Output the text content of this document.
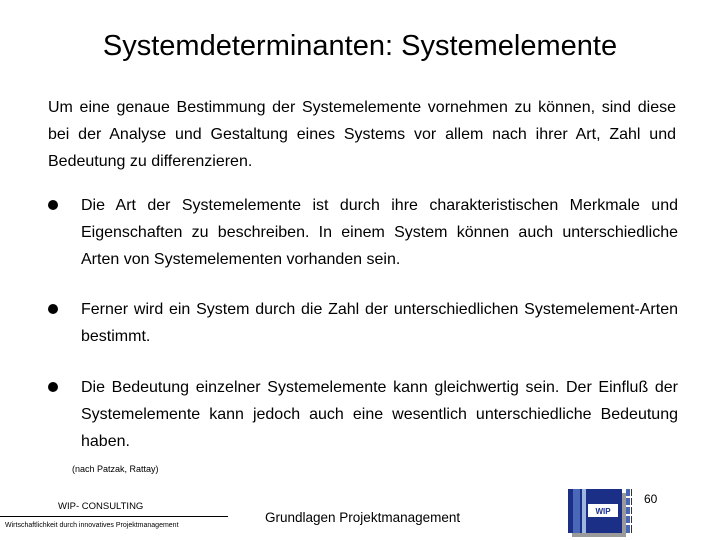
Systemdeterminanten: Systemelemente
Um eine genaue Bestimmung der Systemelemente vornehmen zu können, sind diese bei der Analyse und Gestaltung eines Systems vor allem nach ihrer Art, Zahl und Bedeutung zu differenzieren.
Die Art der Systemelemente ist durch ihre charakteristischen Merkmale und Eigenschaften zu beschreiben. In einem System können auch unterschiedliche Arten von Systemelementen vorhanden sein.
Ferner wird ein System durch die Zahl der unterschiedlichen Systemelement-Arten bestimmt.
Die Bedeutung einzelner Systemelemente kann gleichwertig sein. Der Einfluß der Systemelemente kann jedoch auch eine wesentlich unterschiedliche Bedeutung haben.
(nach Patzak, Rattay)
WIP- CONSULTING
Wirtschaftlichkeit durch innovatives Projektmanagement
Grundlagen Projektmanagement
60
WIP
